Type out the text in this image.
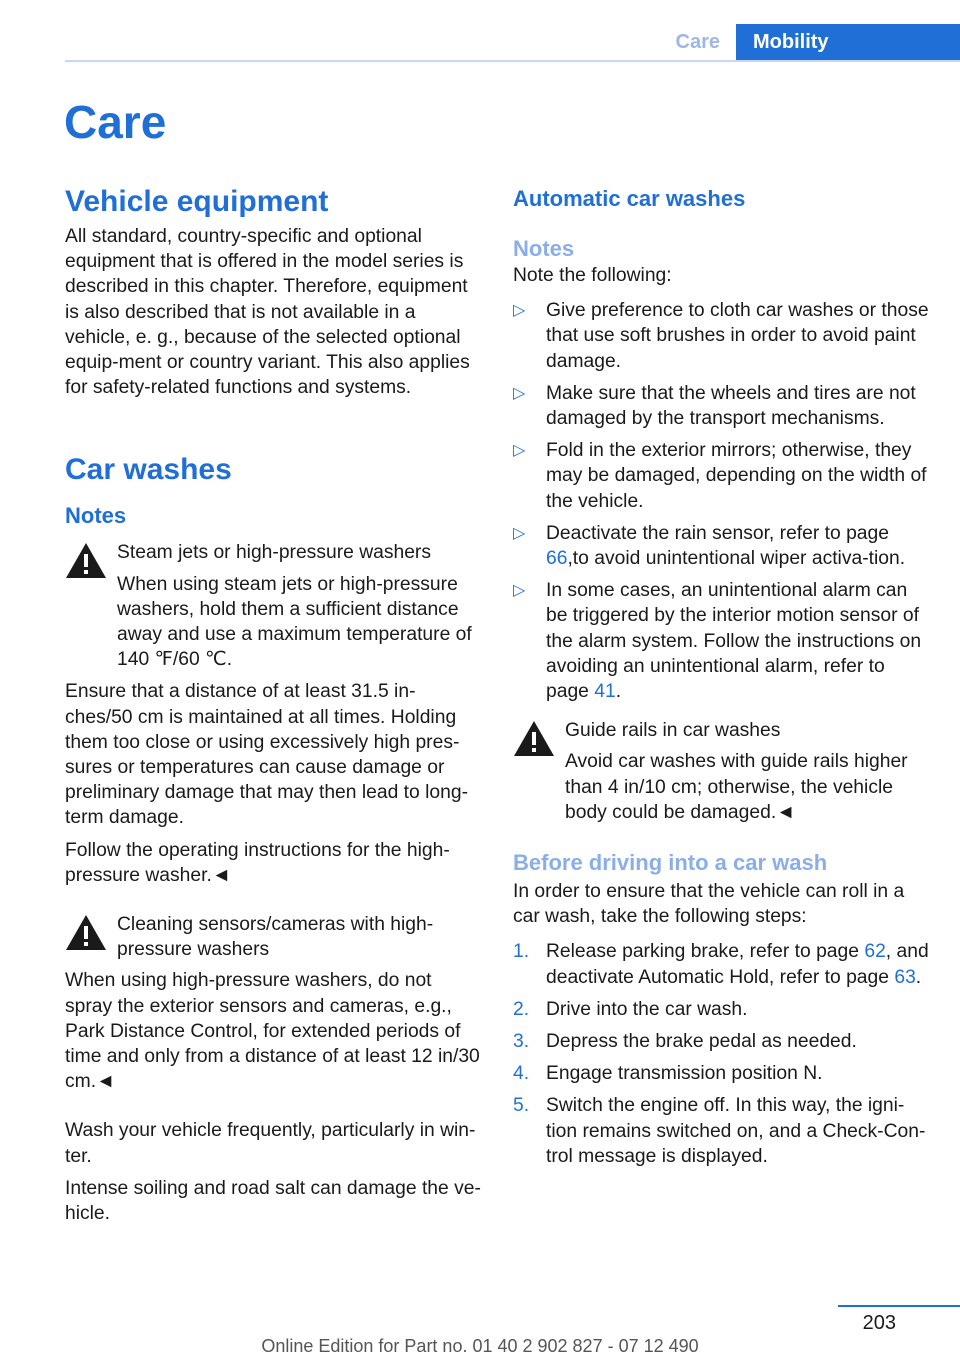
Care	Mobility
Care
Vehicle equipment

All standard, country-specific and optional equipment that is offered in the model series is described in this chapter. Therefore, equipment is also described that is not available in a vehicle, e. g., because of the selected optional equip-ment or country variant. This also applies for safety-related functions and systems.

Car washes
Notes
Steam jets or high-pressure washers

When using steam jets or high-pressure washers, hold them a sufficient distance away and use a maximum temperature of 140 ℉/60 ℃.

Ensure that a distance of at least 31.5 in-ches/50 cm is maintained at all times. Holding them too close or using excessively high pres-sures or temperatures can cause damage or preliminary damage that may then lead to long-term damage.

Follow the operating instructions for the high-pressure washer.◄

Cleaning sensors/cameras with high-pressure washers

When using high-pressure washers, do not spray the exterior sensors and cameras, e.g., Park Distance Control, for extended periods of time and only from a distance of at least 12 in/30 cm.◄

Wash your vehicle frequently, particularly in win-ter.

Intense soiling and road salt can damage the ve-hicle.

Automatic car washes
Notes

Note the following:

▷ Give preference to cloth car washes or those that use soft brushes in order to avoid paint damage.
▷ Make sure that the wheels and tires are not damaged by the transport mechanisms.
▷ Fold in the exterior mirrors; otherwise, they may be damaged, depending on the width of the vehicle.
▷ Deactivate the rain sensor, refer to page 66,to avoid unintentional wiper activa-tion.
▷ In some cases, an unintentional alarm can be triggered by the interior motion sensor of the alarm system. Follow the instructions on avoiding an unintentional alarm, refer to page 41.
Guide rails in car washes

Avoid car washes with guide rails higher than 4 in/10 cm; otherwise, the vehicle body could be damaged.◄

Before driving into a car wash

In order to ensure that the vehicle can roll in a car wash, take the following steps:

1. Release parking brake, refer to page 62, and deactivate Automatic Hold, refer to page 63.
2. Drive into the car wash.
3. Depress the brake pedal as needed.
4. Engage transmission position N.
5. Switch the engine off. In this way, the igni-tion remains switched on, and a Check-Con-trol message is displayed.
203
Online Edition for Part no. 01 40 2 902 827 - 07 12 490
